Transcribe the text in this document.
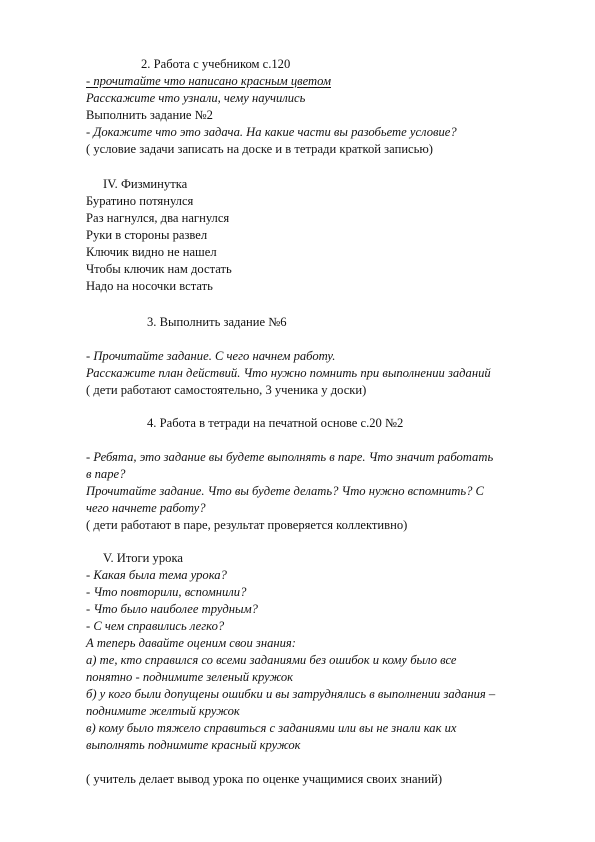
2. Работа с учебником с.120
- прочитайте что написано красным цветом
Расскажите что узнали, чему научились
Выполнить задание №2
- Докажите что это задача. На какие части вы разобьете условие?
( условие задачи записать на доске и в тетради краткой записью)
IV. Физминутка
Буратино потянулся
Раз нагнулся, два нагнулся
Руки в стороны развел
Ключик видно не нашел
Чтобы ключик нам достать
Надо на носочки встать
3. Выполнить задание №6
- Прочитайте задание. С чего начнем работу.
Расскажите план действий. Что нужно помнить при выполнении заданий
( дети работают самостоятельно, 3 ученика у доски)
4. Работа в тетради на печатной основе с.20 №2
- Ребята, это задание вы будете выполнять в паре. Что значит работать
в паре?
Прочитайте задание. Что вы будете делать? Что нужно вспомнить? С
чего начнете работу?
( дети работают в паре, результат проверяется коллективно)
V. Итоги урока
- Какая была тема урока?
- Что повторили, вспомнили?
- Что было наиболее трудным?
- С чем справились легко?
А теперь давайте оценим свои знания:
а) те, кто справился со всеми заданиями без ошибок и кому было все
понятно - поднимите зеленый кружок
б) у кого были допущены ошибки и вы затруднялись в выполнении задания –
поднимите желтый кружок
в) кому было тяжело справиться с заданиями или вы не знали как их
выполнять поднимите красный кружок
( учитель делает вывод урока по оценке учащимися своих знаний)
